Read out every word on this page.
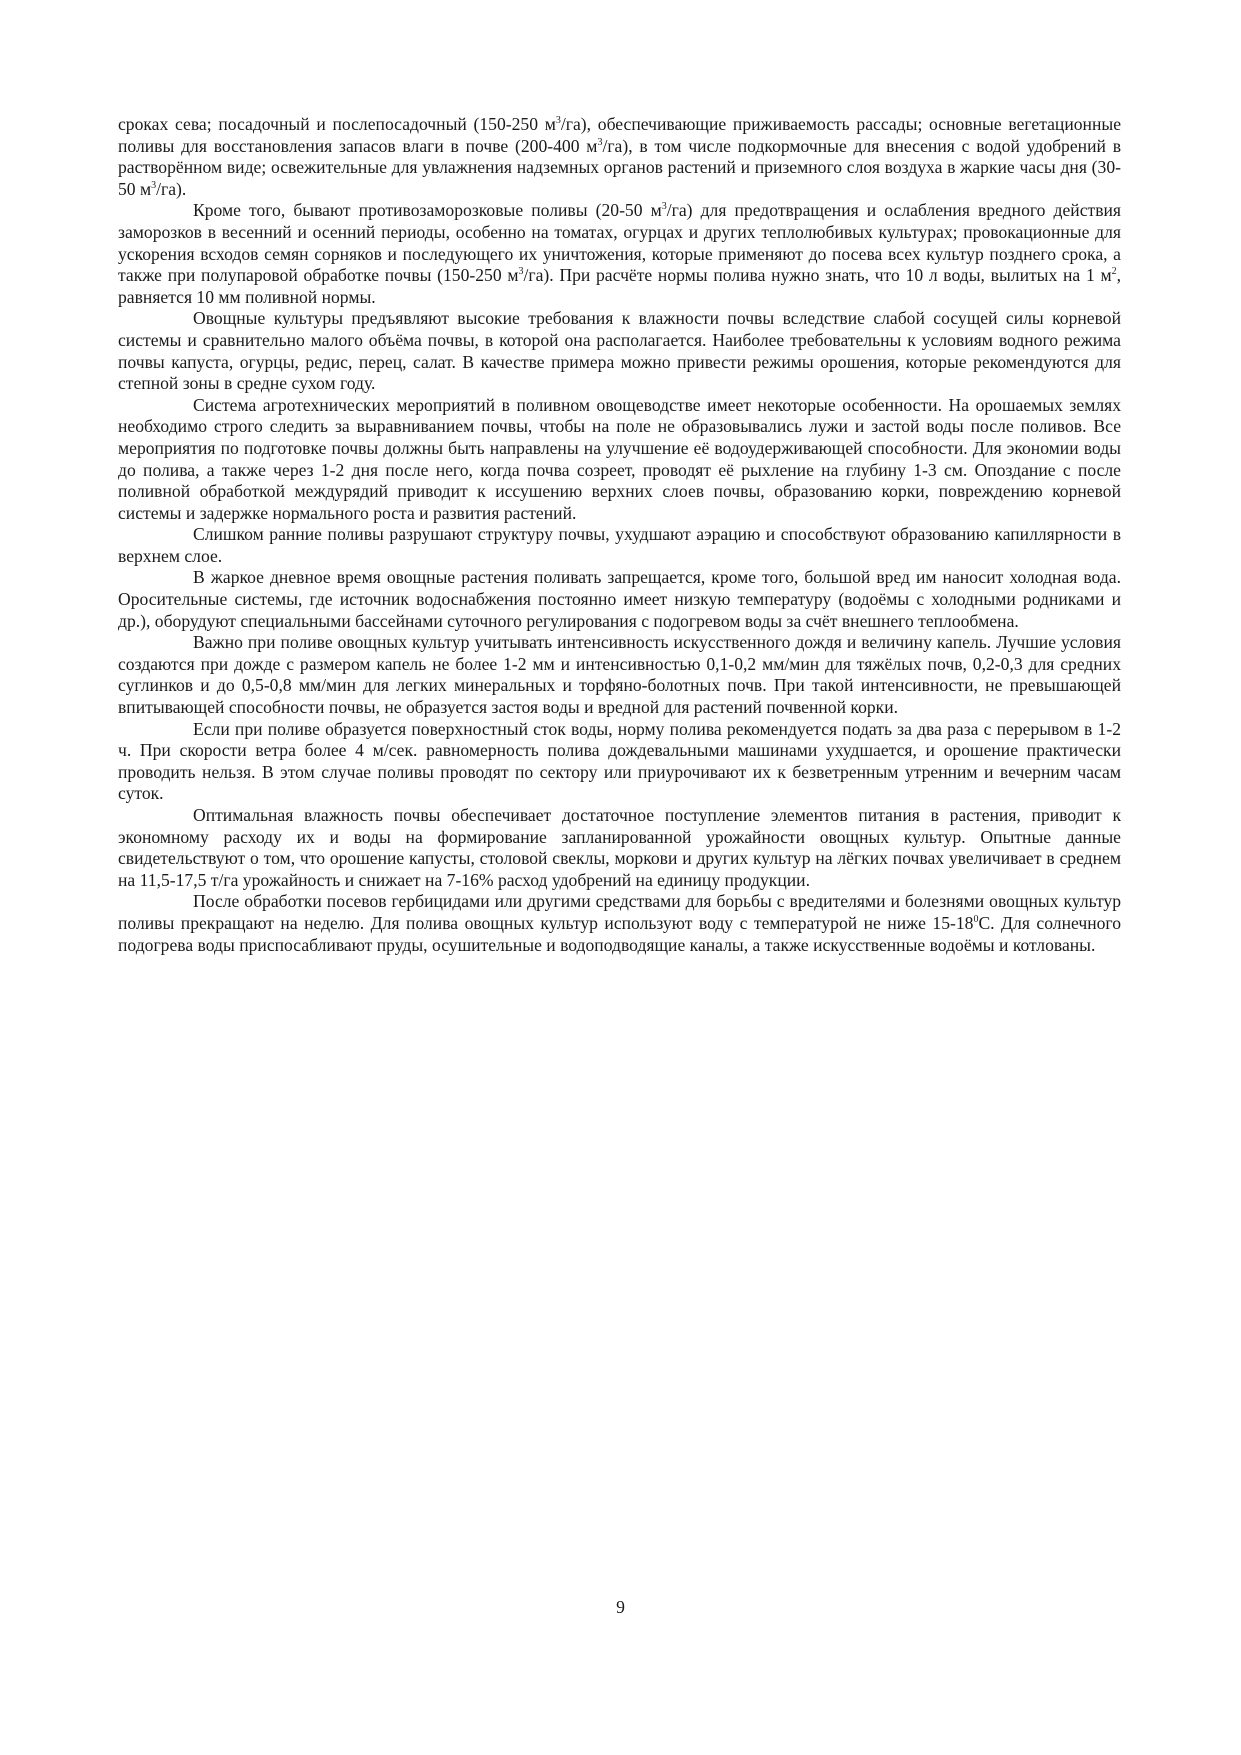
сроках сева; посадочный и послепосадочный (150-250 $м^3/га$), обеспечивающие приживаемость рассады; основные вегетационные поливы для восстановления запасов влаги в почве (200-400 $м^3/га$), в том числе подкормочные для внесения с водой удобрений в растворённом виде; освежительные для увлажнения надземных органов растений и приземного слоя воздуха в жаркие часы дня (30-50 $м^3/га$).

Кроме того, бывают противозаморозковые поливы (20-50 $м^3/га$) для предотвращения и ослабления вредного действия заморозков в весенний и осенний периоды, особенно на томатах, огурцах и других теплолюбивых культурах; провокационные для ускорения всходов семян сорняков и последующего их уничтожения, которые применяют до посева всех культур позднего срока, а также при полупаровой обработке почвы (150-250 $м^3/га$). При расчёте нормы полива нужно знать, что 10 л воды, вылитых на 1 $м^2$, равняется 10 мм поливной нормы.

Овощные культуры предъявляют высокие требования к влажности почвы вследствие слабой сосущей силы корневой системы и сравнительно малого объёма почвы, в которой она располагается. Наиболее требовательны к условиям водного режима почвы капуста, огурцы, редис, перец, салат. В качестве примера можно привести режимы орошения, которые рекомендуются для степной зоны в средне сухом году.

Система агротехнических мероприятий в поливном овощеводстве имеет некоторые особенности. На орошаемых землях необходимо строго следить за выравниванием почвы, чтобы на поле не образовывались лужи и застой воды после поливов. Все мероприятия по подготовке почвы должны быть направлены на улучшение её водоудерживающей способности. Для экономии воды до полива, а также через 1-2 дня после него, когда почва созреет, проводят её рыхление на глубину 1-3 см. Опоздание с после поливной обработкой междурядий приводит к иссушению верхних слоев почвы, образованию корки, повреждению корневой системы и задержке нормального роста и развития растений.

Слишком ранние поливы разрушают структуру почвы, ухудшают аэрацию и способствуют образованию капиллярности в верхнем слое.

В жаркое дневное время овощные растения поливать запрещается, кроме того, большой вред им наносит холодная вода. Оросительные системы, где источник водоснабжения постоянно имеет низкую температуру (водоёмы с холодными родниками и др.), оборудуют специальными бассейнами суточного регулирования с подогревом воды за счёт внешнего теплообмена.

Важно при поливе овощных культур учитывать интенсивность искусственного дождя и величину капель. Лучшие условия создаются при дожде с размером капель не более 1-2 мм и интенсивностью 0,1-0,2 мм/мин для тяжёлых почв, 0,2-0,3 для средних суглинков и до 0,5-0,8 мм/мин для легких минеральных и торфяно-болотных почв. При такой интенсивности, не превышающей впитывающей способности почвы, не образуется застоя воды и вредной для растений почвенной корки.

Если при поливе образуется поверхностный сток воды, норму полива рекомендуется подать за два раза с перерывом в 1-2 ч. При скорости ветра более 4 м/сек. равномерность полива дождевальными машинами ухудшается, и орошение практически проводить нельзя. В этом случае поливы проводят по сектору или приурочивают их к безветренным утренним и вечерним часам суток.

Оптимальная влажность почвы обеспечивает достаточное поступление элементов питания в растения, приводит к экономному расходу их и воды на формирование запланированной урожайности овощных культур. Опытные данные свидетельствуют о том, что орошение капусты, столовой свеклы, моркови и других культур на лёгких почвах увеличивает в среднем на 11,5-17,5 т/га урожайность и снижает на 7-16% расход удобрений на единицу продукции.

После обработки посевов гербицидами или другими средствами для борьбы с вредителями и болезнями овощных культур поливы прекращают на неделю. Для полива овощных культур используют воду с температурой не ниже $15-18^0С$. Для солнечного подогрева воды приспосабливают пруды, осушительные и водоподводящие каналы, а также искусственные водоёмы и котлованы.

9
